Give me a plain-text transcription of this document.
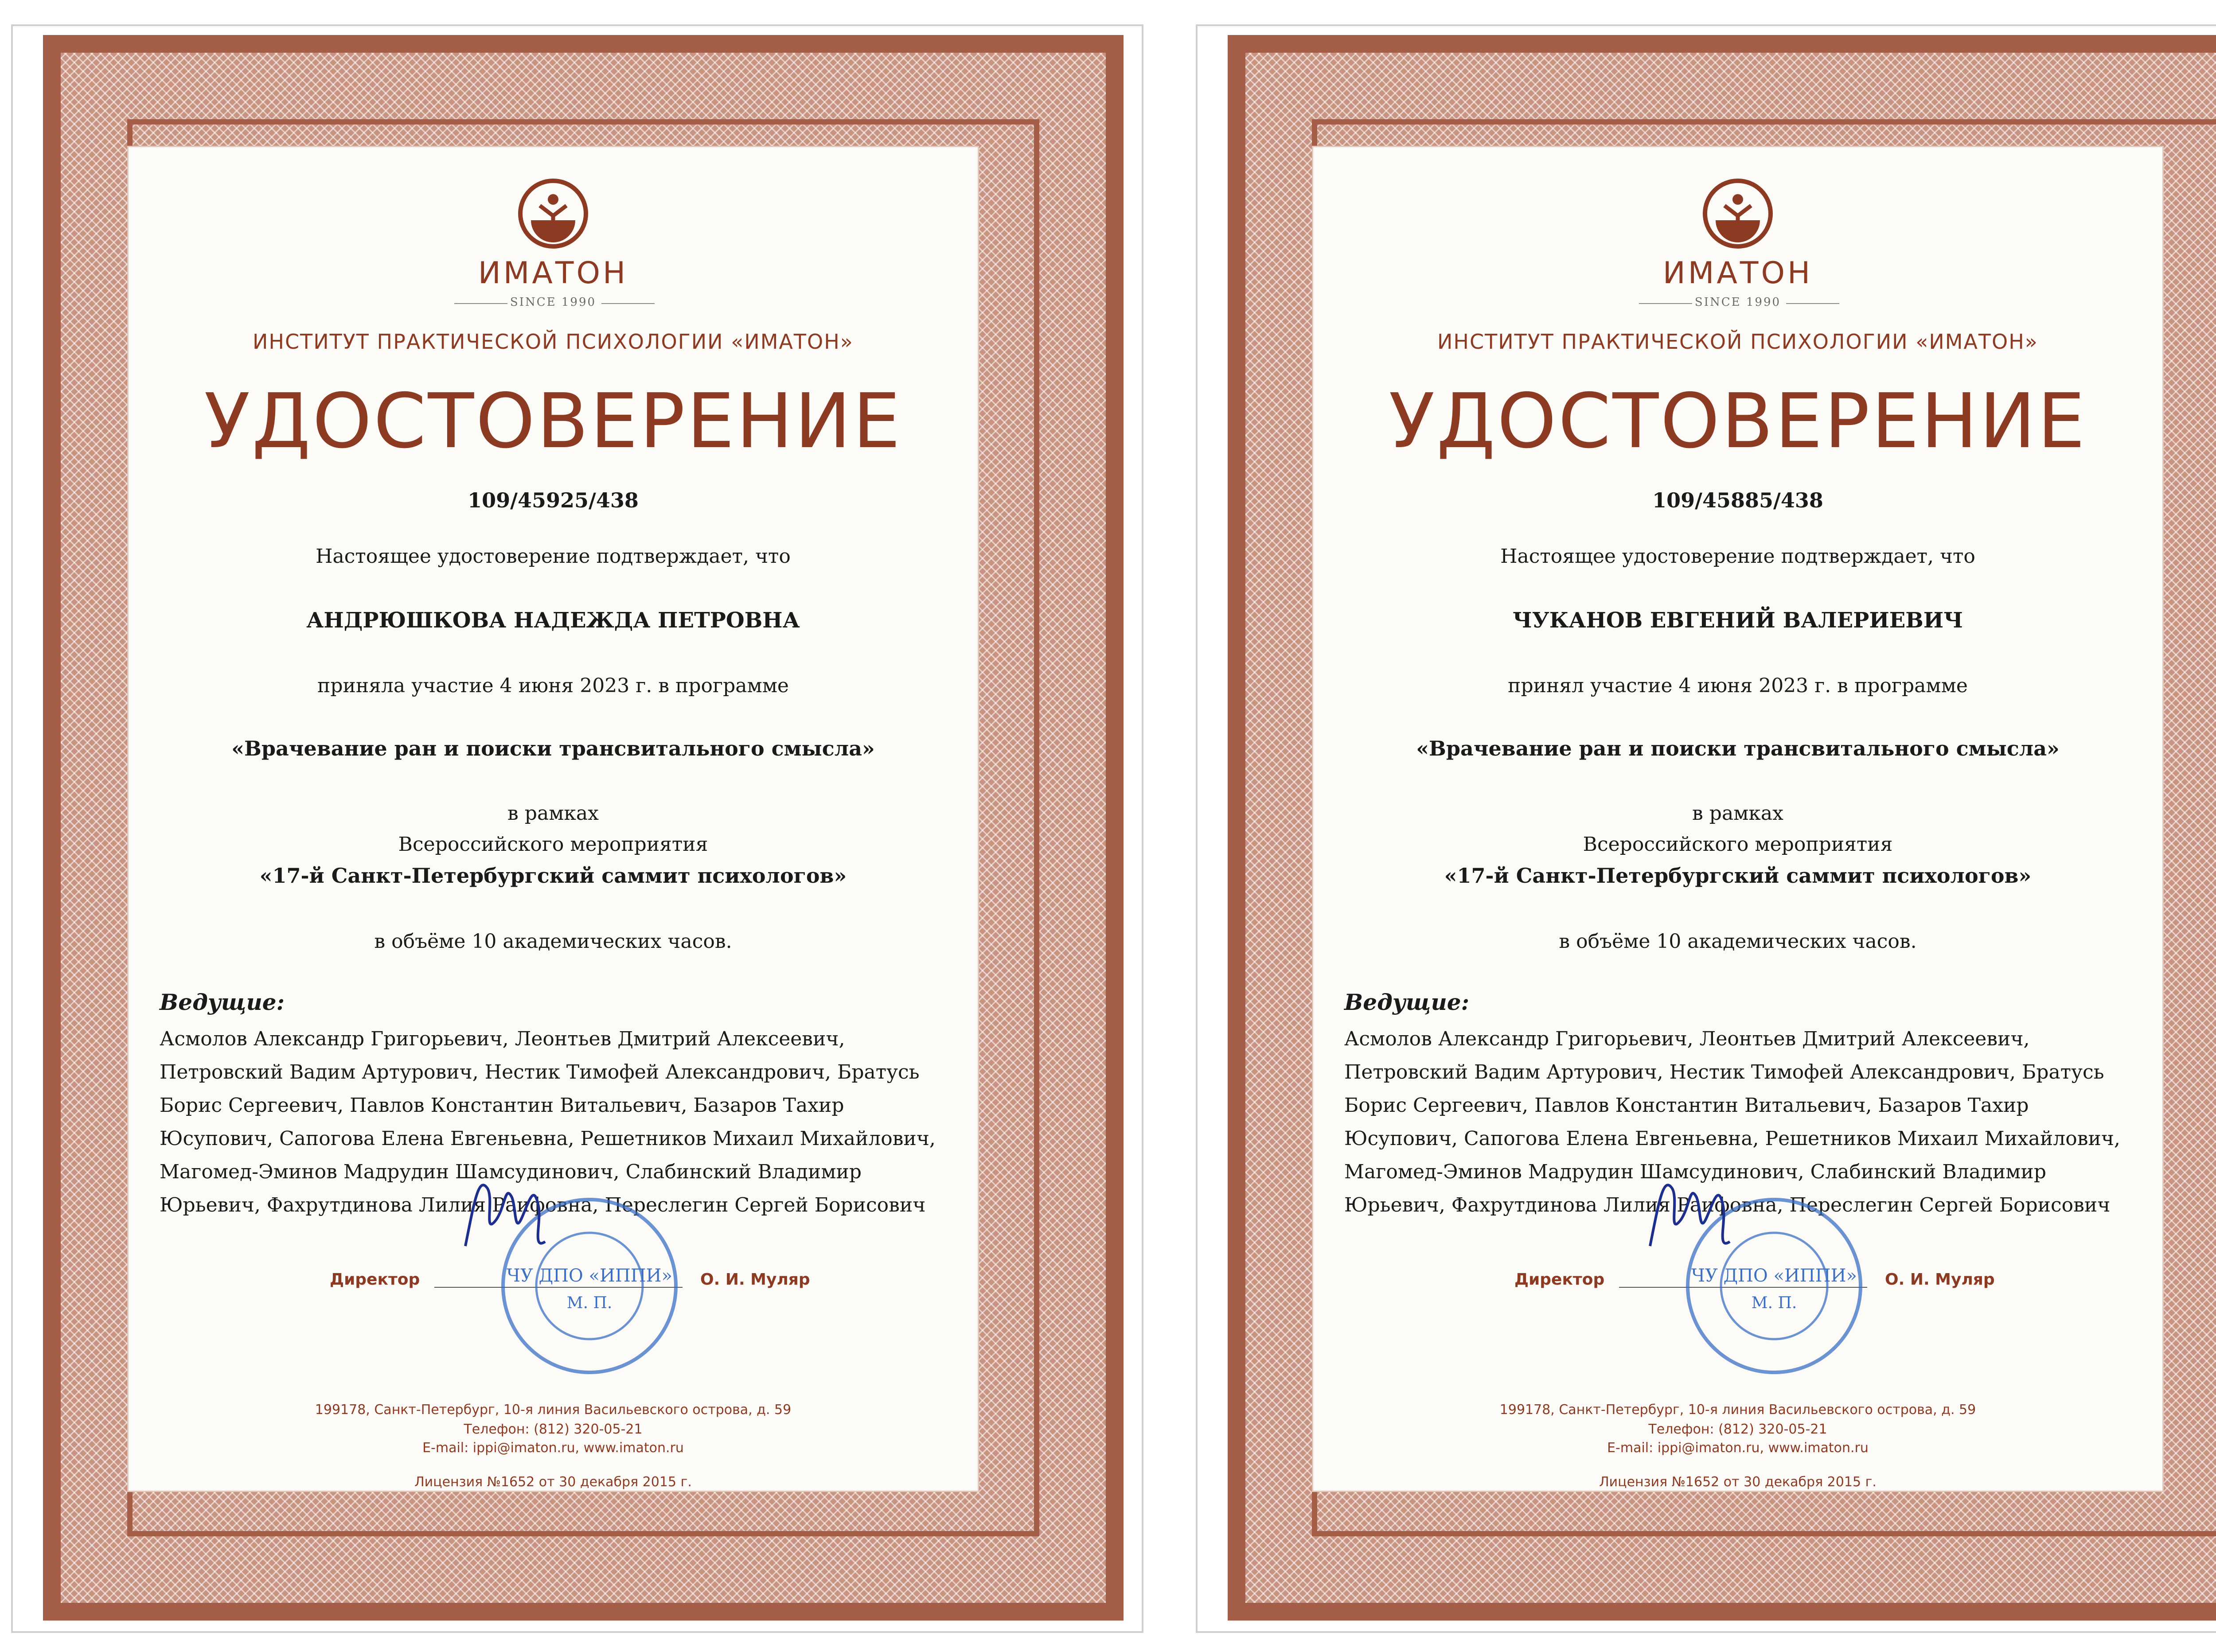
ИМАТОН
SINCE 1990
ИНСТИТУТ ПРАКТИЧЕСКОЙ ПСИХОЛОГИИ «ИМАТОН»
УДОСТОВЕРЕНИЕ
109/45925/438
Настоящее удостоверение подтверждает, что
АНДРЮШКОВА НАДЕЖДА ПЕТРОВНА
приняла участие 4 июня 2023 г. в программе
«Врачевание ран и поиски трансвитального смысла»
в рамках
Всероссийского мероприятия
«17-й Санкт-Петербургский саммит психологов»
в объёме 10 академических часов.
Ведущие:
Асмолов Александр Григорьевич, Леонтьев Дмитрий Алексеевич, Петровский Вадим Артурович, Нестик Тимофей Александрович, Братусь Борис Сергеевич, Павлов Константин Витальевич, Базаров Тахир Юсупович, Сапогова Елена Евгеньевна, Решетников Михаил Михайлович, Магомед-Эминов Мадрудин Шамсудинович, Слабинский Владимир Юрьевич, Фахрутдинова Лилия Раифовна, Переслегин Сергей Борисович
Директор	О. И. Муляр
ЧУ ДПО «ИППИ»
М. П.
199178, Санкт-Петербург, 10-я линия Васильевского острова, д. 59
Телефон: (812) 320-05-21
E-mail: ippi@imaton.ru, www.imaton.ru
Лицензия №1652 от 30 декабря 2015 г.
ИМАТОН
SINCE 1990
ИНСТИТУТ ПРАКТИЧЕСКОЙ ПСИХОЛОГИИ «ИМАТОН»
УДОСТОВЕРЕНИЕ
109/45885/438
Настоящее удостоверение подтверждает, что
ЧУКАНОВ ЕВГЕНИЙ ВАЛЕРИЕВИЧ
принял участие 4 июня 2023 г. в программе
«Врачевание ран и поиски трансвитального смысла»
в рамках
Всероссийского мероприятия
«17-й Санкт-Петербургский саммит психологов»
в объёме 10 академических часов.
Ведущие:
Асмолов Александр Григорьевич, Леонтьев Дмитрий Алексеевич, Петровский Вадим Артурович, Нестик Тимофей Александрович, Братусь Борис Сергеевич, Павлов Константин Витальевич, Базаров Тахир Юсупович, Сапогова Елена Евгеньевна, Решетников Михаил Михайлович, Магомед-Эминов Мадрудин Шамсудинович, Слабинский Владимир Юрьевич, Фахрутдинова Лилия Раифовна, Переслегин Сергей Борисович
Директор	О. И. Муляр
ЧУ ДПО «ИППИ»
М. П.
199178, Санкт-Петербург, 10-я линия Васильевского острова, д. 59
Телефон: (812) 320-05-21
E-mail: ippi@imaton.ru, www.imaton.ru
Лицензия №1652 от 30 декабря 2015 г.
